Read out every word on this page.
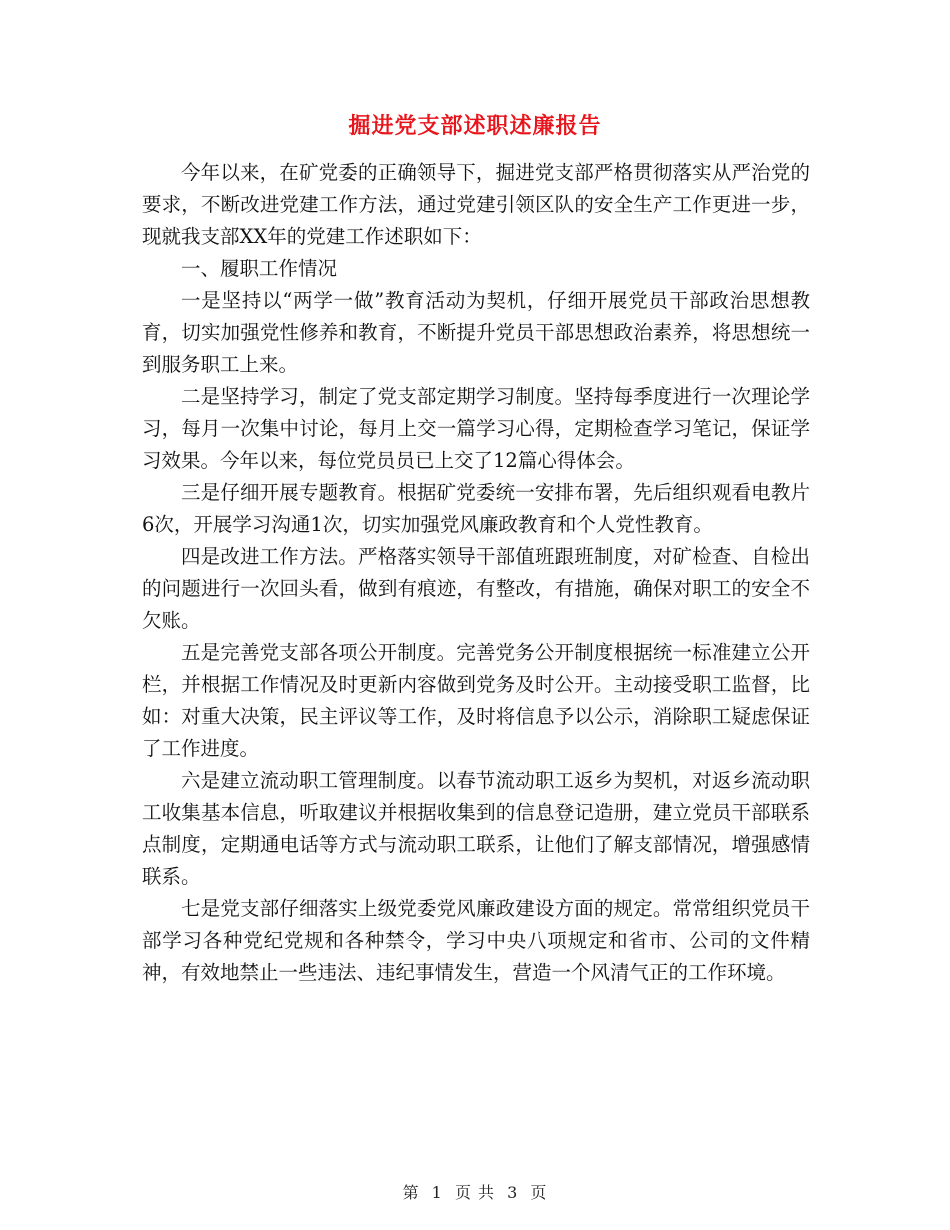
掘进党支部述职述廉报告

今年以来，在矿党委的正确领导下，掘进党支部严格贯彻落实从严治党的要求，不断改进党建工作方法，通过党建引领区队的安全生产工作更进一步，现就我支部XX年的党建工作述职如下：

一、履职工作情况

一是坚持以“两学一做”教育活动为契机，仔细开展党员干部政治思想教育，切实加强党性修养和教育，不断提升党员干部思想政治素养，将思想统一到服务职工上来。

二是坚持学习，制定了党支部定期学习制度。坚持每季度进行一次理论学习，每月一次集中讨论，每月上交一篇学习心得，定期检查学习笔记，保证学习效果。今年以来，每位党员员已上交了12篇心得体会。

三是仔细开展专题教育。根据矿党委统一安排布署，先后组织观看电教片6次，开展学习沟通1次，切实加强党风廉政教育和个人党性教育。

四是改进工作方法。严格落实领导干部值班跟班制度，对矿检查、自检出的问题进行一次回头看，做到有痕迹，有整改，有措施，确保对职工的安全不欠账。

五是完善党支部各项公开制度。完善党务公开制度根据统一标准建立公开栏，并根据工作情况及时更新内容做到党务及时公开。主动接受职工监督，比如：对重大决策，民主评议等工作，及时将信息予以公示，消除职工疑虑保证了工作进度。

六是建立流动职工管理制度。以春节流动职工返乡为契机，对返乡流动职工收集基本信息，听取建议并根据收集到的信息登记造册，建立党员干部联系点制度，定期通电话等方式与流动职工联系，让他们了解支部情况，增强感情联系。

七是党支部仔细落实上级党委党风廉政建设方面的规定。常常组织党员干部学习各种党纪党规和各种禁令，学习中央八项规定和省市、公司的文件精神，有效地禁止一些违法、违纪事情发生，营造一个风清气正的工作环境。

第 1 页 共 3 页
